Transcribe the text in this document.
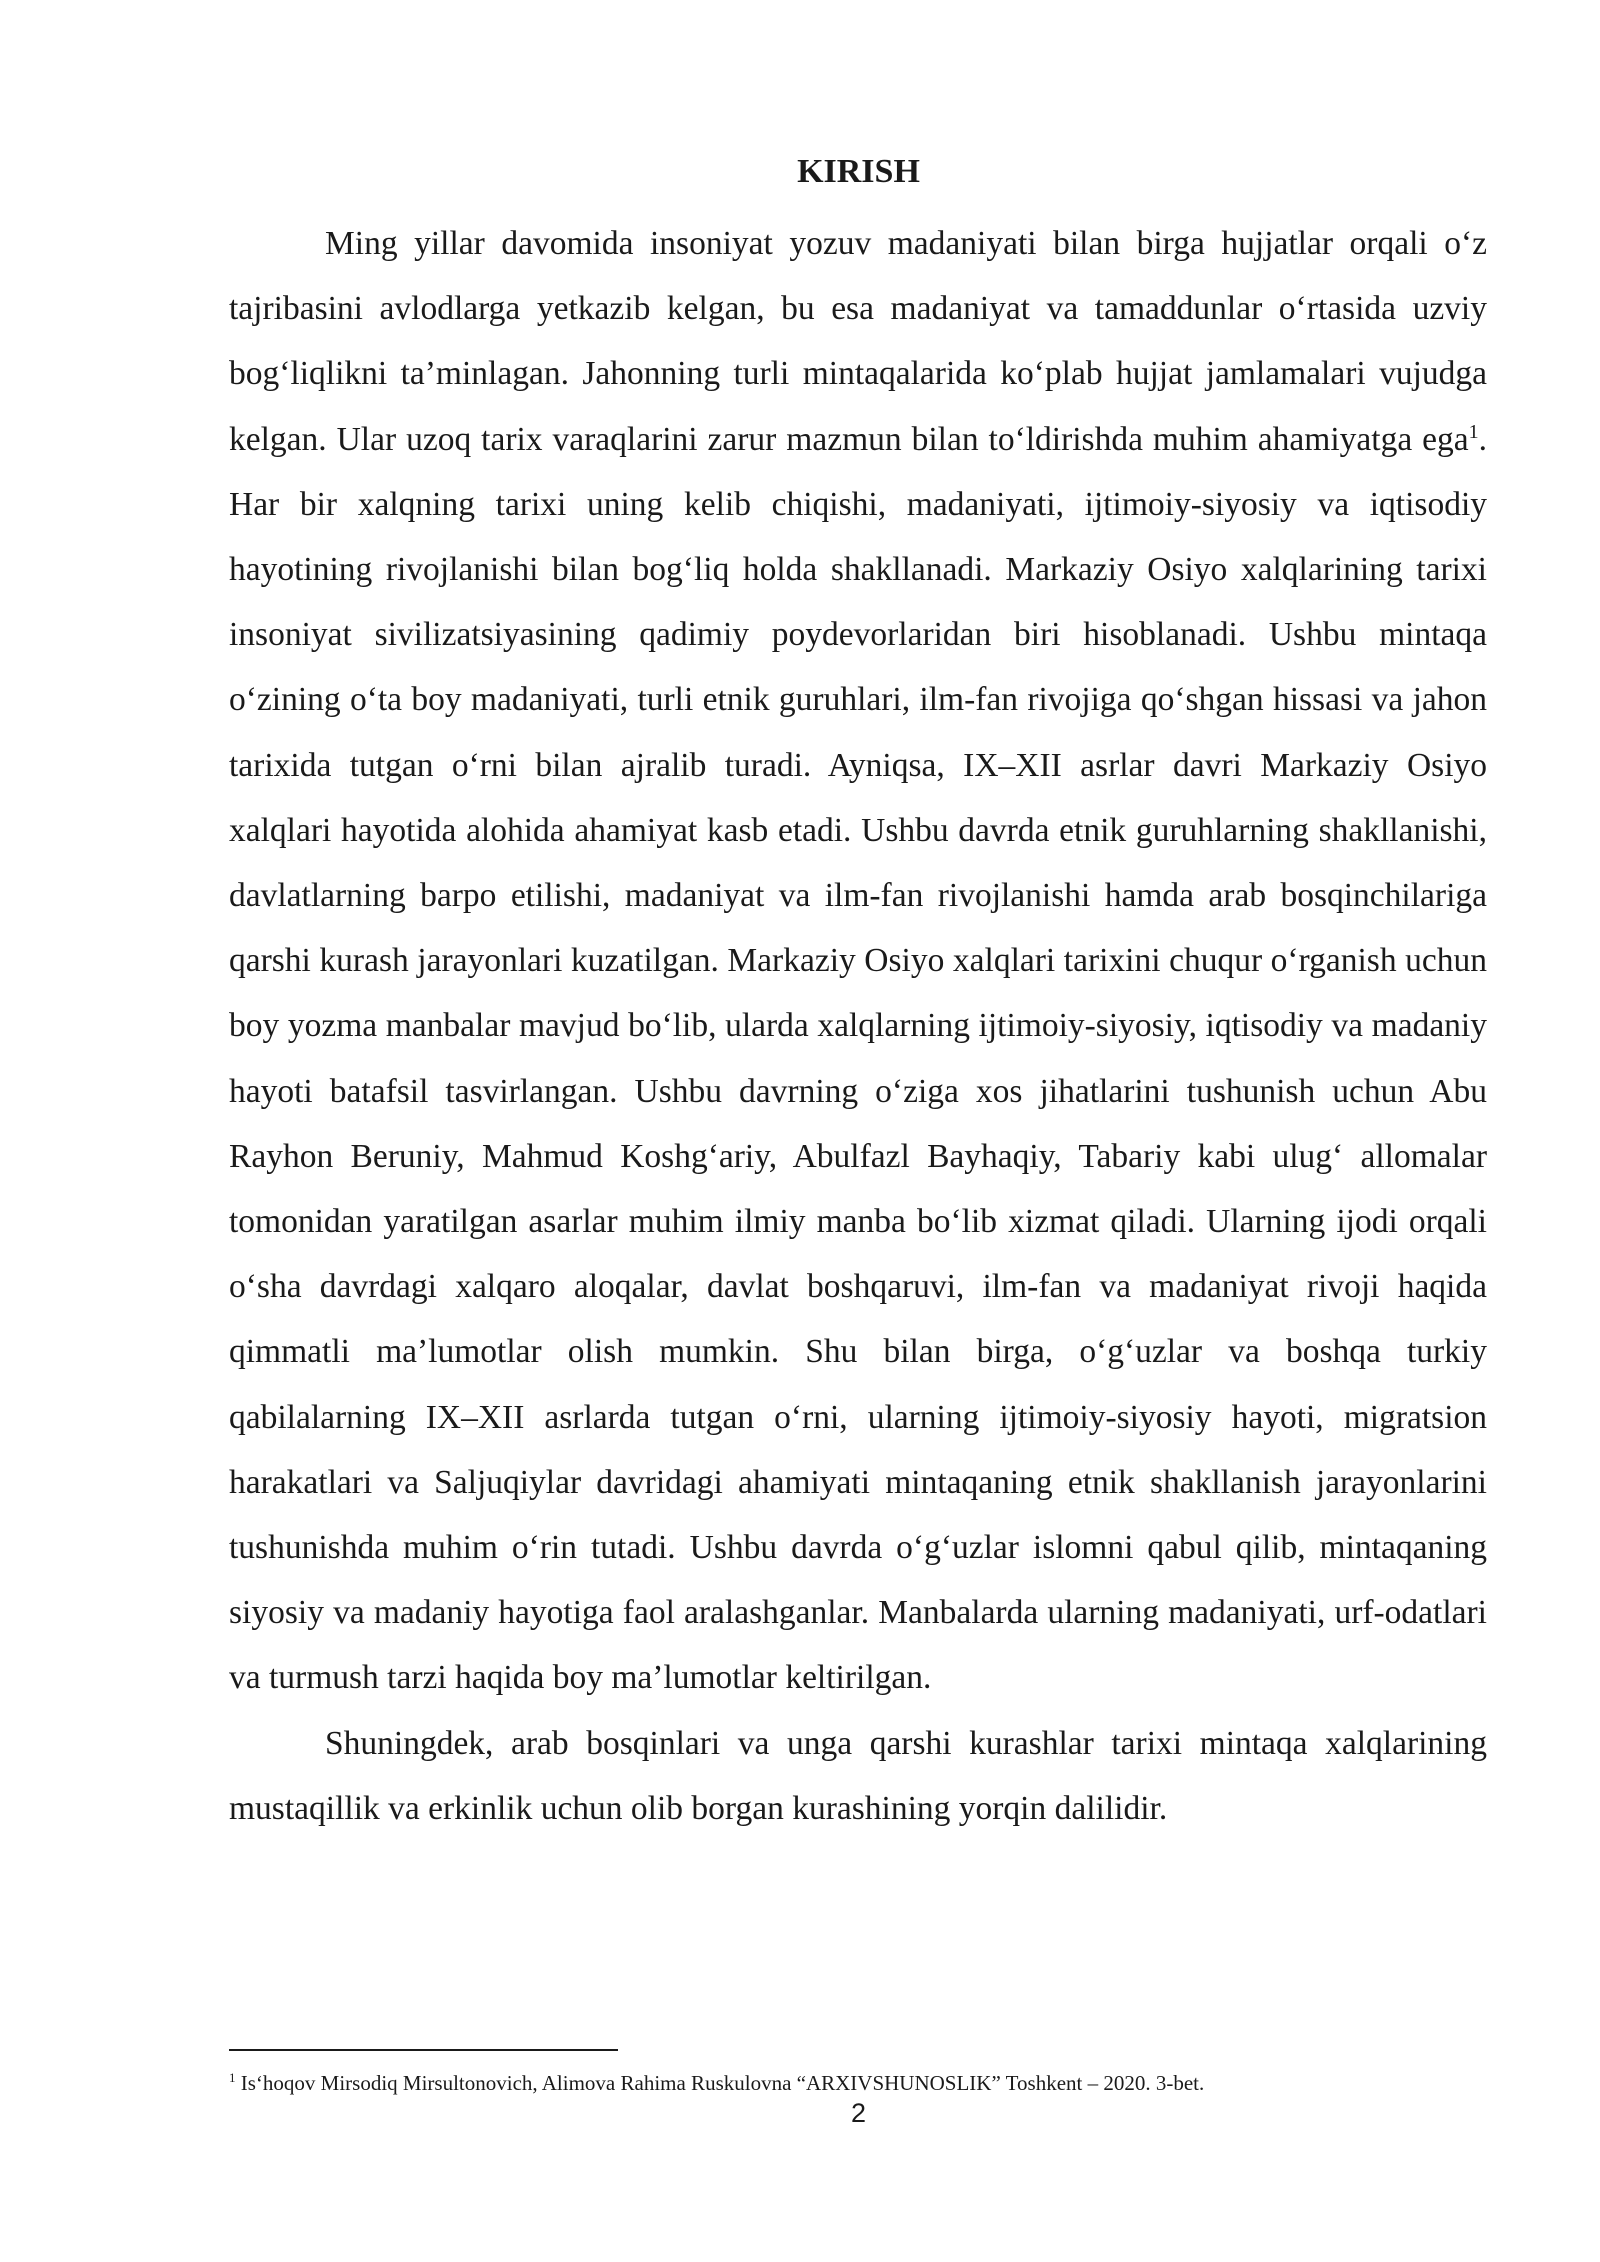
KIRISH

Ming yillar davomida insoniyat yozuv madaniyati bilan birga hujjatlar orqali o‘z tajribasini avlodlarga yetkazib kelgan, bu esa madaniyat va tamaddunlar o‘rtasida uzviy bog‘liqlikni ta’minlagan. Jahonning turli mintaqalarida ko‘plab hujjat jamlamalari vujudga kelgan. Ular uzoq tarix varaqlarini zarur mazmun bilan to‘ldirishda muhim ahamiyatga ega$^1$. Har bir xalqning tarixi uning kelib chiqishi, madaniyati, ijtimoiy-siyosiy va iqtisodiy hayotining rivojlanishi bilan bog‘liq holda shakllanadi. Markaziy Osiyo xalqlarining tarixi insoniyat sivilizatsiyasining qadimiy poydevorlaridan biri hisoblanadi. Ushbu mintaqa o‘zining o‘ta boy madaniyati, turli etnik guruhlari, ilm-fan rivojiga qo‘shgan hissasi va jahon tarixida tutgan o‘rni bilan ajralib turadi. Ayniqsa, IX–XII asrlar davri Markaziy Osiyo xalqlari hayotida alohida ahamiyat kasb etadi. Ushbu davrda etnik guruhlarning shakllanishi, davlatlarning barpo etilishi, madaniyat va ilm-fan rivojlanishi hamda arab bosqinchilariga qarshi kurash jarayonlari kuzatilgan. Markaziy Osiyo xalqlari tarixini chuqur o‘rganish uchun boy yozma manbalar mavjud bo‘lib, ularda xalqlarning ijtimoiy-siyosiy, iqtisodiy va madaniy hayoti batafsil tasvirlangan. Ushbu davrning o‘ziga xos jihatlarini tushunish uchun Abu Rayhon Beruniy, Mahmud Koshg‘ariy, Abulfazl Bayhaqiy, Tabariy kabi ulug‘ allomalar tomonidan yaratilgan asarlar muhim ilmiy manba bo‘lib xizmat qiladi. Ularning ijodi orqali o‘sha davrdagi xalqaro aloqalar, davlat boshqaruvi, ilm-fan va madaniyat rivoji haqida qimmatli ma’lumotlar olish mumkin. Shu bilan birga, o‘g‘uzlar va boshqa turkiy qabilalarning IX–XII asrlarda tutgan o‘rni, ularning ijtimoiy-siyosiy hayoti, migratsion harakatlari va Saljuqiylar davridagi ahamiyati mintaqaning etnik shakllanish jarayonlarini tushunishda muhim o‘rin tutadi. Ushbu davrda o‘g‘uzlar islomni qabul qilib, mintaqaning siyosiy va madaniy hayotiga faol aralashganlar. Manbalarda ularning madaniyati, urf-odatlari va turmush tarzi haqida boy ma’lumotlar keltirilgan.

Shuningdek, arab bosqinlari va unga qarshi kurashlar tarixi mintaqa xalqlarining mustaqillik va erkinlik uchun olib borgan kurashining yorqin dalilidir.

$^1$ Is‘hoqov Mirsodiq Mirsultonovich, Alimova Rahima Ruskulovna “ARXIVSHUNOSLIK” Toshkent – 2020. 3-bet.
2
